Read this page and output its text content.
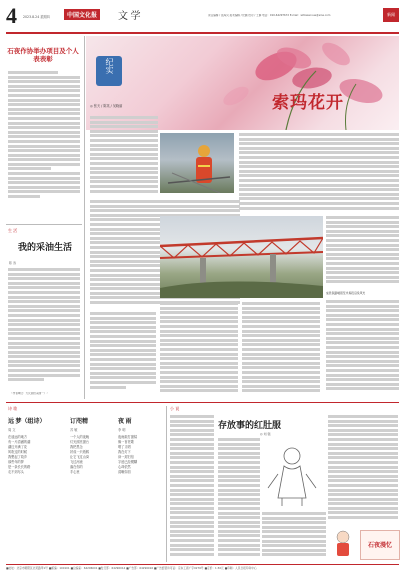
4 2023.8.24 星期四	中国文化报	文 学	责任编辑 / 张海贝 美术编辑 / 纪鹏 校对 / 王静 电话：010-64297672 E-mail：whbwenxue@sina.com	新闻
石夜作协举办项目及个人表表彰
生 活
我的采油生活
陈 涛
（作者单位：大庆油田采油一厂）
索玛花开
纪实
◎ 张天 / 陈英 / 吴晓丽
成昆铁路峨眉至米易段沿线风光
诗 歌
远 梦（组诗）
周 文
在遥远的地方
有一片清澈的湖
湖边开满了花
风吹过的时候
我想起了故乡
那些年的梦
是一条长长的路
走不到尽头
订咫精
苏 敏
一个人的夜晚
灯光照亮窗台
我把思念
折成一只纸鹤
让它飞过山岗
飞过河流
落在你的
手心里
夜 雨
李 明
夜雨敲打窗棂
像一首老歌
唱了又唱
我在灯下
读一封旧信
字迹已经模糊
心却依然
清晰如初
小 说
存放事的红肚服
◎ 刘 强
石夜漫忆
■社址：北京市朝阳区北苑路甲1号 ■邮编：100101 ■总编室：64296001 ■发行部：64296014 ■广告部：64296016 ■广告经营许可证：京东工商广字0276号 ■定价：1.50元 ■印刷：人民日报印务中心
